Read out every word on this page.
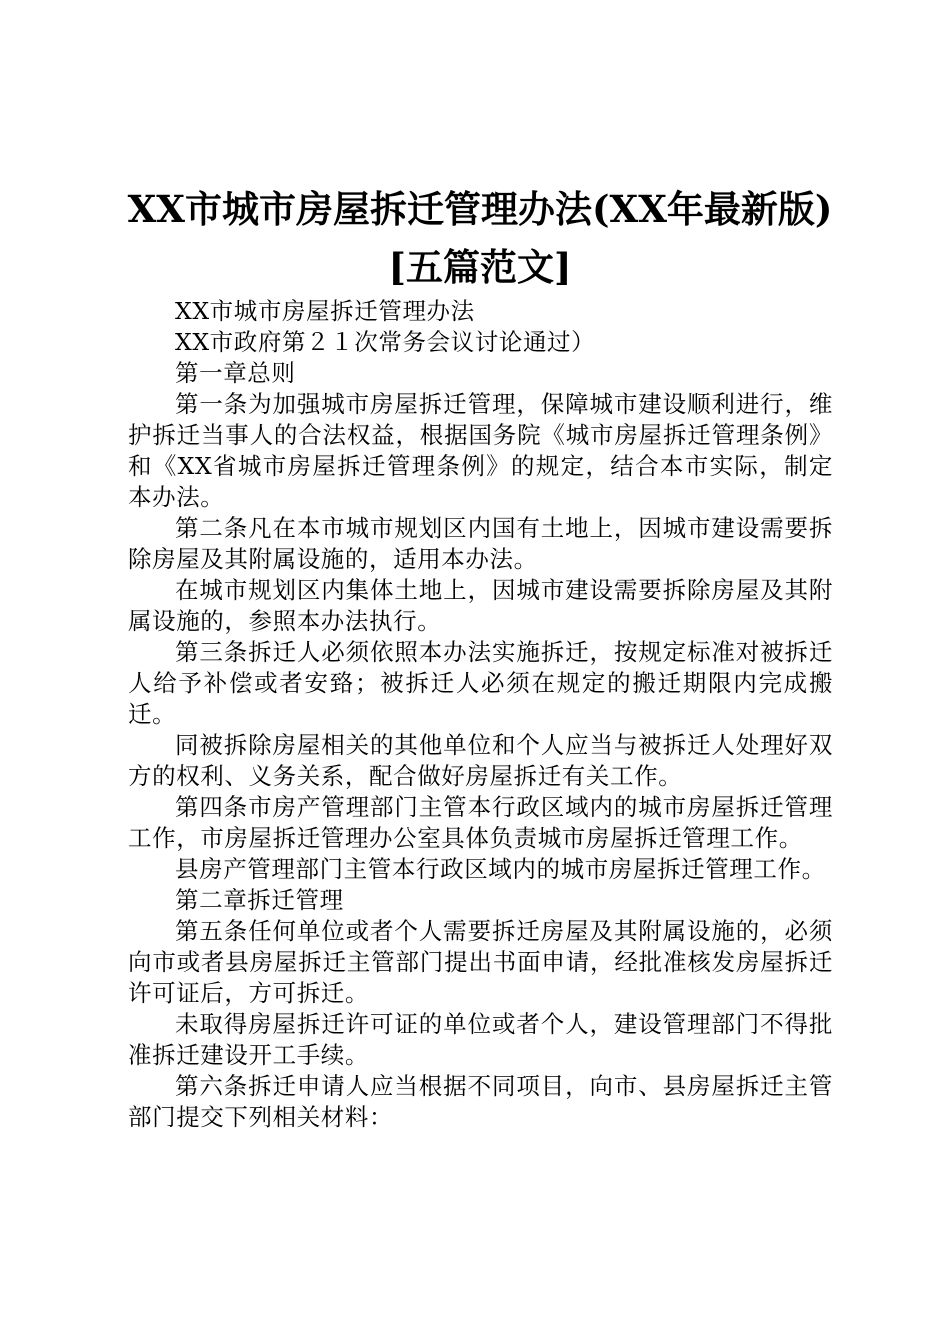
XX市城市房屋拆迁管理办法(XX年最新版)[五篇范文]

XX市城市房屋拆迁管理办法

XX市政府第２１次常务会议讨论通过）

第一章总则

第一条为加强城市房屋拆迁管理，保障城市建设顺利进行，维护拆迁当事人的合法权益，根据国务院《城市房屋拆迁管理条例》和《XX省城市房屋拆迁管理条例》的规定，结合本市实际，制定本办法。

第二条凡在本市城市规划区内国有土地上，因城市建设需要拆除房屋及其附属设施的，适用本办法。

在城市规划区内集体土地上，因城市建设需要拆除房屋及其附属设施的，参照本办法执行。

第三条拆迁人必须依照本办法实施拆迁，按规定标准对被拆迁人给予补偿或者安臵；被拆迁人必须在规定的搬迁期限内完成搬迁。

同被拆除房屋相关的其他单位和个人应当与被拆迁人处理好双方的权利、义务关系，配合做好房屋拆迁有关工作。

第四条市房产管理部门主管本行政区域内的城市房屋拆迁管理工作，市房屋拆迁管理办公室具体负责城市房屋拆迁管理工作。

县房产管理部门主管本行政区域内的城市房屋拆迁管理工作。

第二章拆迁管理

第五条任何单位或者个人需要拆迁房屋及其附属设施的，必须向市或者县房屋拆迁主管部门提出书面申请，经批准核发房屋拆迁许可证后，方可拆迁。

未取得房屋拆迁许可证的单位或者个人，建设管理部门不得批准拆迁建设开工手续。

第六条拆迁申请人应当根据不同项目，向市、县房屋拆迁主管部门提交下列相关材料：
